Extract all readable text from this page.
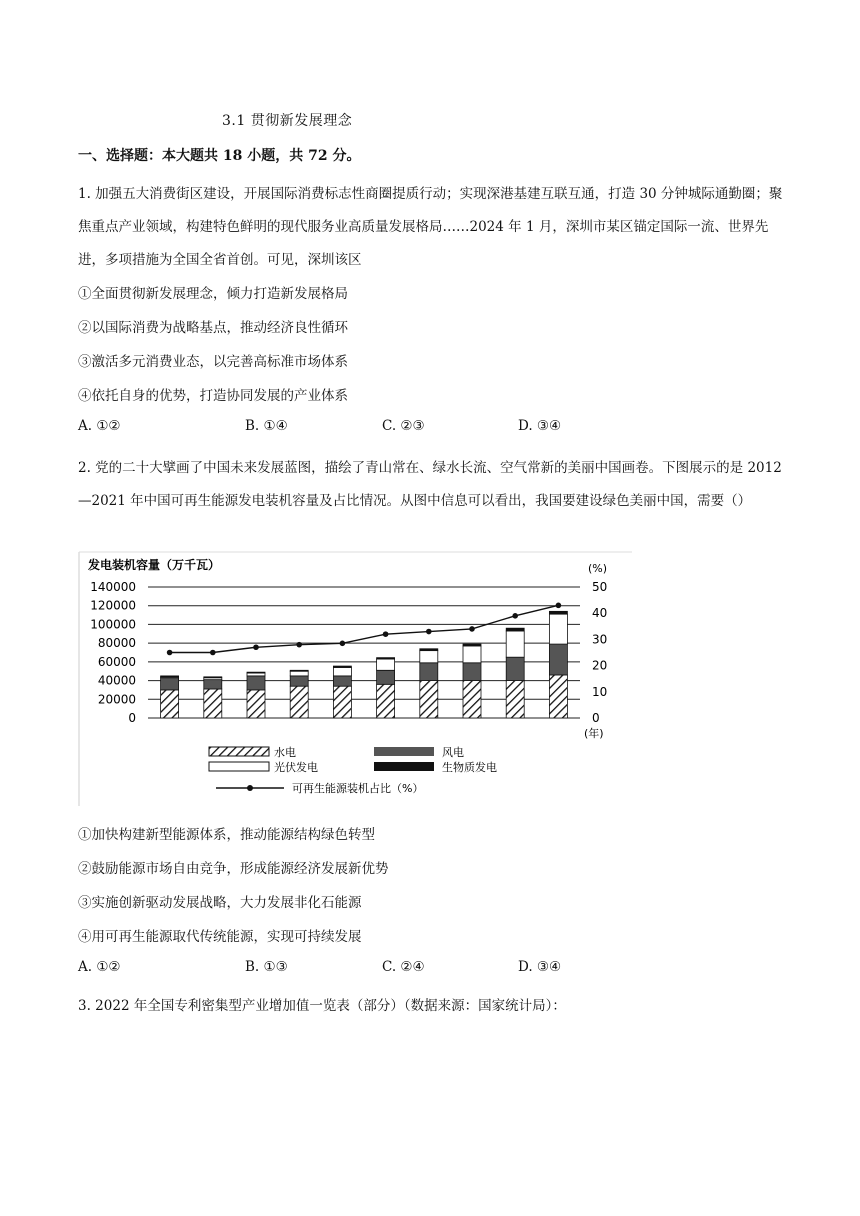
3.1 贯彻新发展理念
一、选择题：本大题共 18 小题，共 72 分。
1. 加强五大消费街区建设，开展国际消费标志性商圈提质行动；实现深港基建互联互通，打造 30 分钟城际通勤圈；聚焦重点产业领域，构建特色鲜明的现代服务业高质量发展格局……2024 年 1 月，深圳市某区锚定国际一流、世界先进，多项措施为全国全省首创。可见，深圳该区
①全面贯彻新发展理念，倾力打造新发展格局
②以国际消费为战略基点，推动经济良性循环
③激活多元消费业态，以完善高标准市场体系
④依托自身的优势，打造协同发展的产业体系
A. ①②	B. ①④	C. ②③	D. ③④
2. 党的二十大擘画了中国未来发展蓝图，描绘了青山常在、绿水长流、空气常新的美丽中国画卷。下图展示的是 2012—2021 年中国可再生能源发电装机容量及占比情况。从图中信息可以看出，我国要建设绿色美丽中国，需要（）
发电装机容量（万千瓦）	(%)
(年)
140000
120000
100000
80000
60000
40000
20000
0
50
40
30
20
10
0
水电	风电
光伏发电	生物质发电
可再生能源装机占比（%）
①加快构建新型能源体系，推动能源结构绿色转型
②鼓励能源市场自由竞争，形成能源经济发展新优势
③实施创新驱动发展战略，大力发展非化石能源
④用可再生能源取代传统能源，实现可持续发展
A. ①②	B. ①③	C. ②④	D. ③④
3. 2022 年全国专利密集型产业增加值一览表（部分）（数据来源：国家统计局）：
